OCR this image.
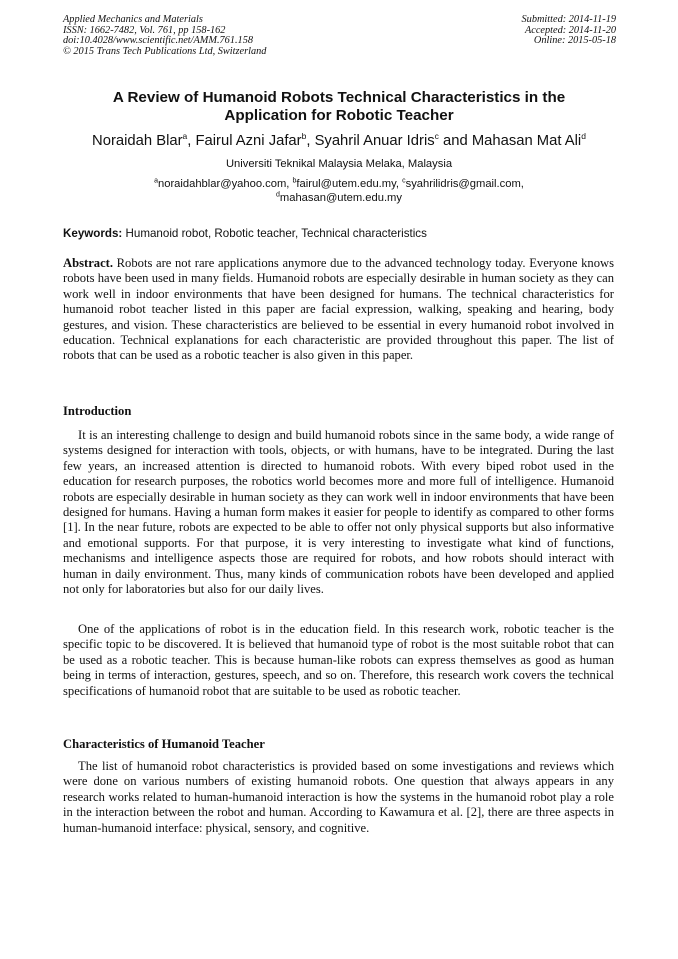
Applied Mechanics and Materials
ISSN: 1662-7482, Vol. 761, pp 158-162
doi:10.4028/www.scientific.net/AMM.761.158
© 2015 Trans Tech Publications Ltd, Switzerland
Submitted: 2014-11-19
Accepted: 2014-11-20
Online: 2015-05-18
A Review of Humanoid Robots Technical Characteristics in the
Application for Robotic Teacher
Noraidah Blar$^a$, Fairul Azni Jafar$^b$, Syahril Anuar Idris$^c$ and Mahasan Mat Ali$^d$
Universiti Teknikal Malaysia Melaka, Malaysia
$^a$noraidahblar@yahoo.com, $^b$fairul@utem.edu.my, $^c$syahrilidris@gmail.com,
$^d$mahasan@utem.edu.my
Keywords: Humanoid robot, Robotic teacher, Technical characteristics
Abstract. Robots are not rare applications anymore due to the advanced technology today. Everyone knows robots have been used in many fields. Humanoid robots are especially desirable in human society as they can work well in indoor environments that have been designed for humans. The technical characteristics for humanoid robot teacher listed in this paper are facial expression, walking, speaking and hearing, body gestures, and vision. These characteristics are believed to be essential in every humanoid robot involved in education. Technical explanations for each characteristic are provided throughout this paper. The list of robots that can be used as a robotic teacher is also given in this paper.
Introduction
It is an interesting challenge to design and build humanoid robots since in the same body, a wide range of systems designed for interaction with tools, objects, or with humans, have to be integrated. During the last few years, an increased attention is directed to humanoid robots. With every biped robot used in the education for research purposes, the robotics world becomes more and more full of intelligence. Humanoid robots are especially desirable in human society as they can work well in indoor environments that have been designed for humans. Having a human form makes it easier for people to identify as compared to other forms [1]. In the near future, robots are expected to be able to offer not only physical supports but also informative and emotional supports. For that purpose, it is very interesting to investigate what kind of functions, mechanisms and intelligence aspects those are required for robots, and how robots should interact with human in daily environment. Thus, many kinds of communication robots have been developed and applied not only for laboratories but also for our daily lives.
One of the applications of robot is in the education field. In this research work, robotic teacher is the specific topic to be discovered. It is believed that humanoid type of robot is the most suitable robot that can be used as a robotic teacher. This is because human-like robots can express themselves as good as human being in terms of interaction, gestures, speech, and so on. Therefore, this research work covers the technical specifications of humanoid robot that are suitable to be used as robotic teacher.
Characteristics of Humanoid Teacher
The list of humanoid robot characteristics is provided based on some investigations and reviews which were done on various numbers of existing humanoid robots. One question that always appears in any research works related to human-humanoid interaction is how the systems in the humanoid robot play a role in the interaction between the robot and human. According to Kawamura et al. [2], there are three aspects in human-humanoid interface: physical, sensory, and cognitive.
